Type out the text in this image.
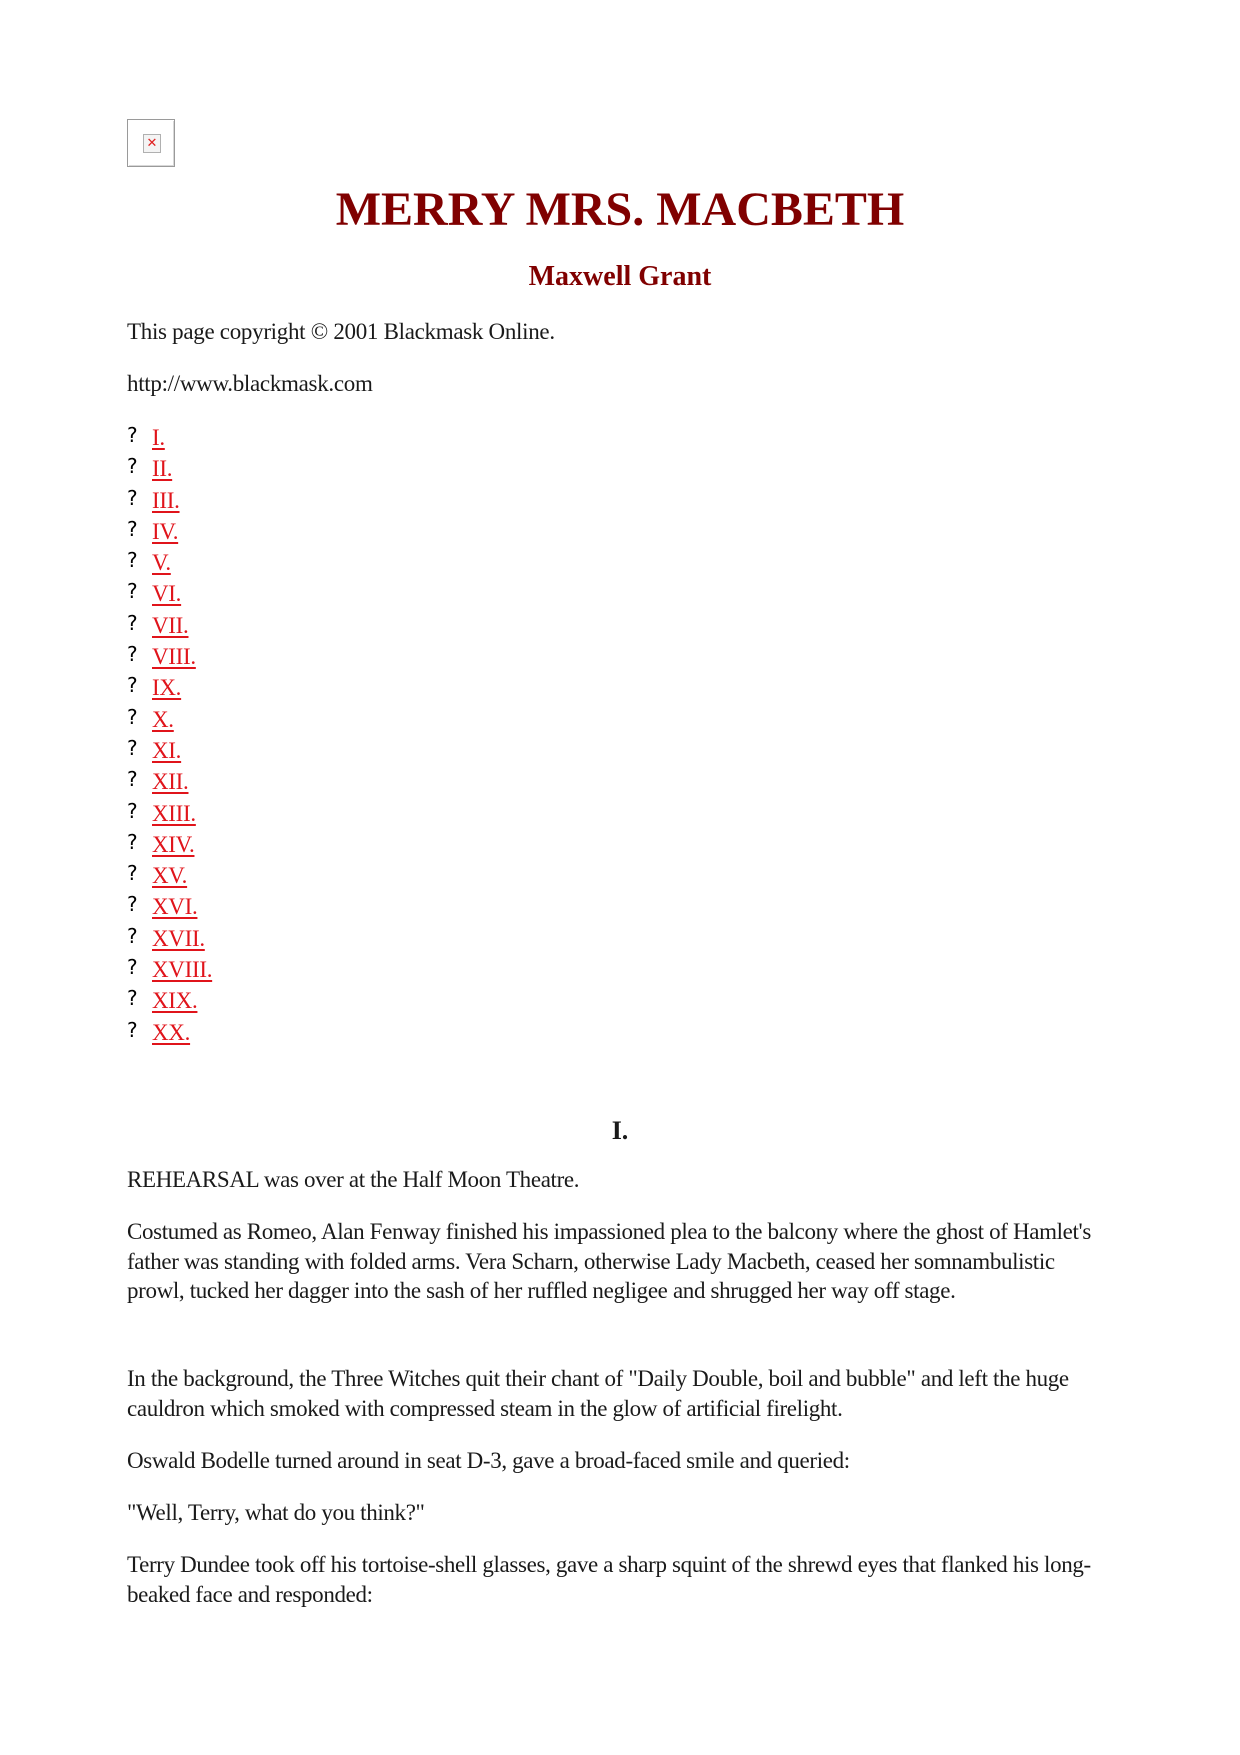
✕
MERRY MRS. MACBETH
Maxwell Grant

This page copyright © 2001 Blackmask Online.

http://www.blackmask.com

? I.
? II.
? III.
? IV.
? V.
? VI.
? VII.
? VIII.
? IX.
? X.
? XI.
? XII.
? XIII.
? XIV.
? XV.
? XVI.
? XVII.
? XVIII.
? XIX.
? XX.
I.

REHEARSAL was over at the Half Moon Theatre.

Costumed as Romeo, Alan Fenway finished his impassioned plea to the balcony where the ghost of Hamlet's father was standing with folded arms. Vera Scharn, otherwise Lady Macbeth, ceased her somnambulistic prowl, tucked her dagger into the sash of her ruffled negligee and shrugged her way off stage.

In the background, the Three Witches quit their chant of "Daily Double, boil and bubble" and left the huge cauldron which smoked with compressed steam in the glow of artificial firelight.

Oswald Bodelle turned around in seat D-3, gave a broad-faced smile and queried:

"Well, Terry, what do you think?"

Terry Dundee took off his tortoise-shell glasses, gave a sharp squint of the shrewd eyes that flanked his long-beaked face and responded:
